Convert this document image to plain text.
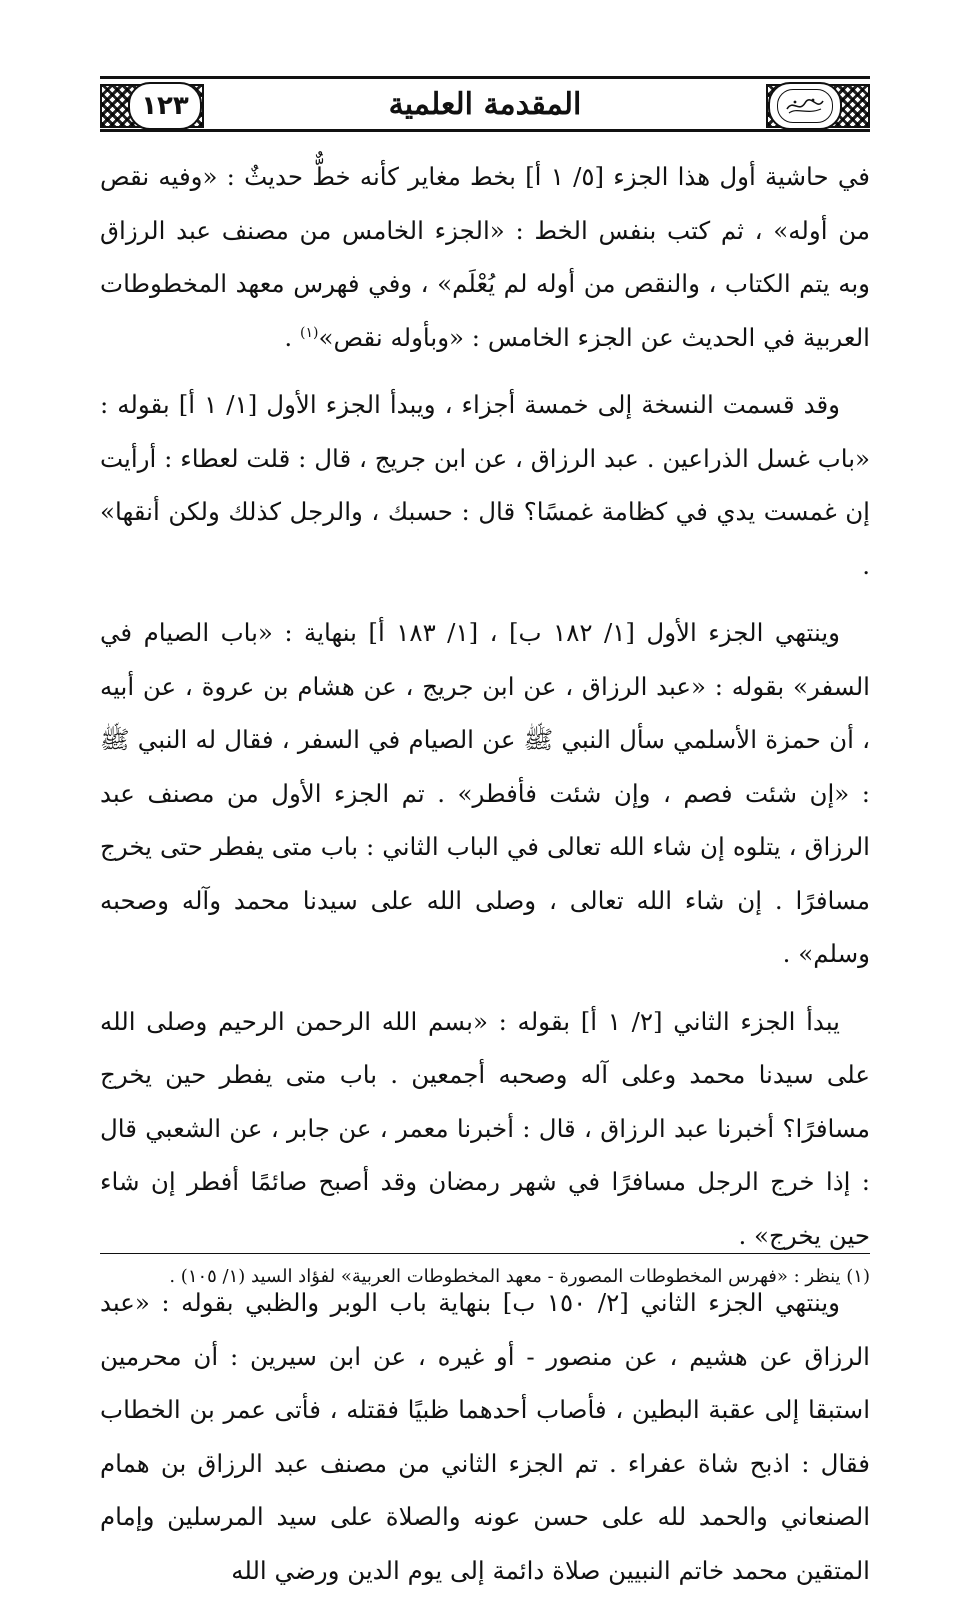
١٢٣	المقدمة العلمية

في حاشية أول هذا الجزء [٥/ ١ أ] بخط مغاير كأنه خطٌّ حديثٌ : «وفيه نقص من أوله» ، ثم كتب بنفس الخط : «الجزء الخامس من مصنف عبد الرزاق وبه يتم الكتاب ، والنقص من أوله لم يُعْلَم» ، وفي فهرس معهد المخطوطات العربية في الحديث عن الجزء الخامس : «وبأوله نقص»$^{(١)}$ .

وقد قسمت النسخة إلى خمسة أجزاء ، ويبدأ الجزء الأول [١/ ١ أ] بقوله : «باب غسل الذراعين . عبد الرزاق ، عن ابن جريج ، قال : قلت لعطاء : أرأيت إن غمست يدي في كظامة غمسًا؟ قال : حسبك ، والرجل كذلك ولكن أنقها» .

وينتهي الجزء الأول [١/ ١٨٢ ب] ، [١/ ١٨٣ أ] بنهاية : «باب الصيام في السفر» بقوله : «عبد الرزاق ، عن ابن جريج ، عن هشام بن عروة ، عن أبيه ، أن حمزة الأسلمي سأل النبي ﷺ عن الصيام في السفر ، فقال له النبي ﷺ : «إن شئت فصم ، وإن شئت فأفطر» . تم الجزء الأول من مصنف عبد الرزاق ، يتلوه إن شاء الله تعالى في الباب الثاني : باب متى يفطر حتى يخرج مسافرًا . إن شاء الله تعالى ، وصلى الله على سيدنا محمد وآله وصحبه وسلم» .

يبدأ الجزء الثاني [٢/ ١ أ] بقوله : «بسم الله الرحمن الرحيم وصلى الله على سيدنا محمد وعلى آله وصحبه أجمعين . باب متى يفطر حين يخرج مسافرًا؟ أخبرنا عبد الرزاق ، قال : أخبرنا معمر ، عن جابر ، عن الشعبي قال : إذا خرج الرجل مسافرًا في شهر رمضان وقد أصبح صائمًا أفطر إن شاء حين يخرج» .

وينتهي الجزء الثاني [٢/ ١٥٠ ب] بنهاية باب الوبر والظبي بقوله : «عبد الرزاق عن هشيم ، عن منصور - أو غيره ، عن ابن سيرين : أن محرمين استبقا إلى عقبة البطين ، فأصاب أحدهما ظبيًا فقتله ، فأتى عمر بن الخطاب فقال : اذبح شاة عفراء . تم الجزء الثاني من مصنف عبد الرزاق بن همام الصنعاني والحمد لله على حسن عونه والصلاة على سيد المرسلين وإمام المتقين محمد خاتم النبيين صلاة دائمة إلى يوم الدين ورضي الله

(١) ينظر : «فهرس المخطوطات المصورة - معهد المخطوطات العربية» لفؤاد السيد (١/ ١٠٥) .
